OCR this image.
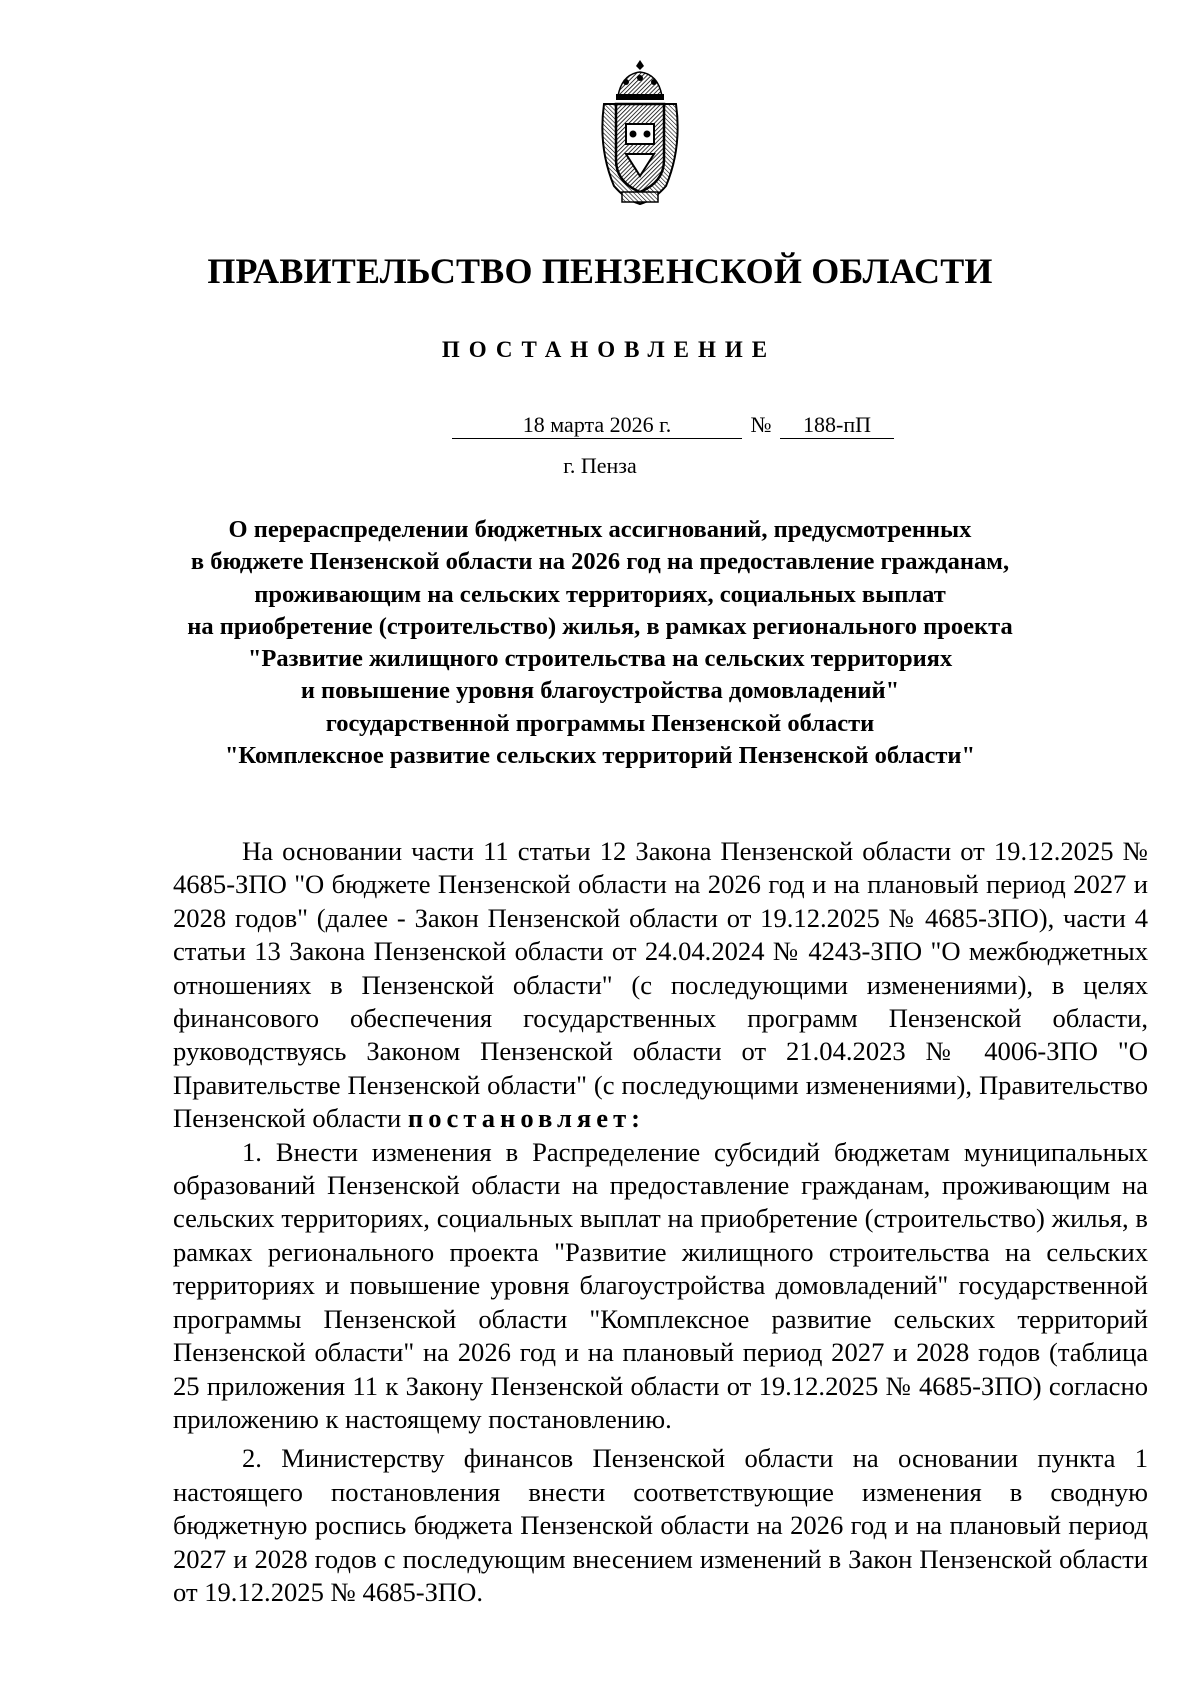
ПРАВИТЕЛЬСТВО ПЕНЗЕНСКОЙ ОБЛАСТИ
ПОСТАНОВЛЕНИЕ
18 марта 2026 г.	№	188-пП
г. Пенза
О перераспределении бюджетных ассигнований, предусмотренных
в бюджете Пензенской области на 2026 год на предоставление гражданам,
проживающим на сельских территориях, социальных выплат
на приобретение (строительство) жилья, в рамках регионального проекта
"Развитие жилищного строительства на сельских территориях
и повышение уровня благоустройства домовладений"
государственной программы Пензенской области
"Комплексное развитие сельских территорий Пензенской области"

На основании части 11 статьи 12 Закона Пензенской области от 19.12.2025 № 4685-ЗПО "О бюджете Пензенской области на 2026 год и на плановый период 2027 и 2028 годов" (далее - Закон Пензенской области от 19.12.2025 № 4685-ЗПО), части 4 статьи 13 Закона Пензенской области от 24.04.2024 № 4243-ЗПО "О межбюджетных отношениях в Пензенской области" (с последующими изменениями), в целях финансового обеспечения государственных программ Пензенской области, руководствуясь Законом Пензенской области от 21.04.2023 № 4006-ЗПО "О Правительстве Пензенской области" (с последующими изменениями), Правительство Пензенской области постановляет:

1. Внести изменения в Распределение субсидий бюджетам муниципальных образований Пензенской области на предоставление гражданам, проживающим на сельских территориях, социальных выплат на приобретение (строительство) жилья, в рамках регионального проекта "Развитие жилищного строительства на сельских территориях и повышение уровня благоустройства домовладений" государственной программы Пензенской области "Комплексное развитие сельских территорий Пензенской области" на 2026 год и на плановый период 2027 и 2028 годов (таблица 25 приложения 11 к Закону Пензенской области от 19.12.2025 № 4685-ЗПО) согласно приложению к настоящему постановлению.

2. Министерству финансов Пензенской области на основании пункта 1 настоящего постановления внести соответствующие изменения в сводную бюджетную роспись бюджета Пензенской области на 2026 год и на плановый период 2027 и 2028 годов с последующим внесением изменений в Закон Пензенской области от 19.12.2025 № 4685-ЗПО.
